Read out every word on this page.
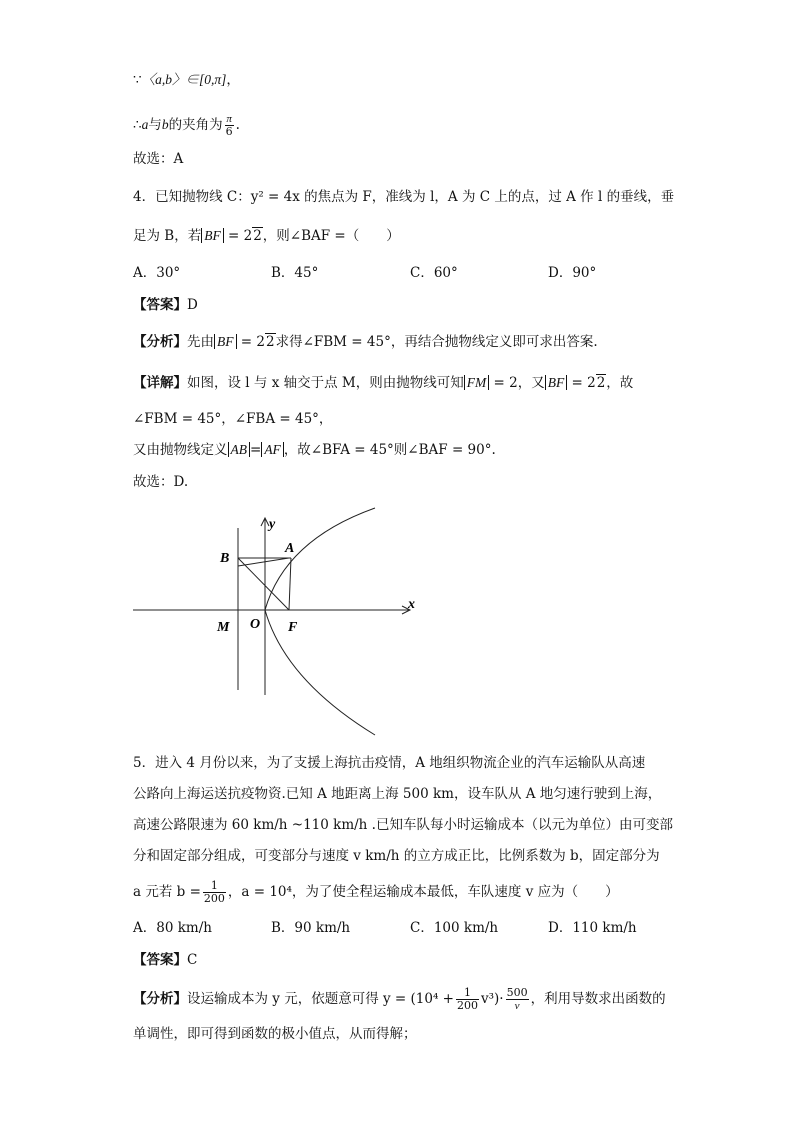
∵〈a,b〉∈[0,π]，
∴a与b的夹角为 $\frac{\pi}{6}$ .
故选：A
4．已知抛物线 C：y² = 4x 的焦点为 F，准线为 l，A 为 C 上的点，过 A 作 l 的垂线，垂
足为 B，若 BF = 22，则∠BAF =（　　）
A．30°	B．45°	C．60°	D．90°
【答案】D
【分析】先由 BF = 22求得∠FBM = 45°，再结合抛物线定义即可求出答案.
【详解】如图，设 l 与 x 轴交于点 M，则由抛物线可知 FM = 2，又 BF = 22，故
∠FBM = 45°，∠FBA = 45°，
又由抛物线定义 AB = AF ，故∠BFA = 45°则∠BAF = 90°.
故选：D.
y
x
A
B
M O F
5．进入 4 月份以来，为了支援上海抗击疫情，A 地组织物流企业的汽车运输队从高速
公路向上海运送抗疫物资.已知 A 地距离上海 500 km，设车队从 A 地匀速行驶到上海，
高速公路限速为 60 km/h ~110 km/h .已知车队每小时运输成本（以元为单位）由可变部
分和固定部分组成，可变部分与速度 v km/h 的立方成正比，比例系数为 b，固定部分为
a 元若 $b = \frac{1}{200}$ ，a = 10⁴，为了使全程运输成本最低，车队速度 v 应为（　　）
A．80 km/h	B．90 km/h	C．100 km/h	D．110 km/h
【答案】C
【分析】设运输成本为 y 元，依题意可得 $y = (10^4 + \frac{1}{200} v^3)\cdot \frac{500}{v}$ ，利用导数求出函数的
单调性，即可得到函数的极小值点，从而得解；
